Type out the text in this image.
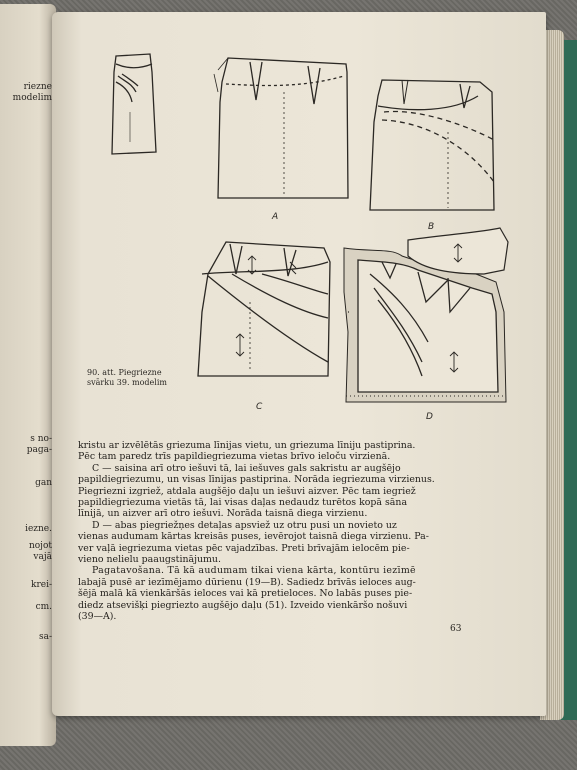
riezne
modelim
s no-
paga-
gan
iezne.
nojot
vajā
krei-
cm.
sa-
A
B
C
D
90. att. Piegriezne
svārku 39. modelim
kristu ar izvēlētās griezuma līnijas vietu, un griezuma līniju pastiprina.
Pēc tam paredz trīs papildiegriezuma vietas brīvo ieloču virzienā.
C — saisina arī otro iešuvi tā, lai iešuves gals sakristu ar augšējo
papildiegriezumu, un visas līnijas pastiprina. Norāda iegriezuma virzienus.
Piegriezni izgriež, atdala augšējo daļu un iešuvi aizver. Pēc tam iegriež
papildiegriezuma vietās tā, lai visas daļas nedaudz turētos kopā sāna
līnijā, un aizver arī otro iešuvi. Norāda taisnā diega virzienu.
D — abas piegriežņes detaļas apsviež uz otru pusi un novieto uz
vienas audumam kārtas kreisās puses, ievērojot taisnā diega virzienu. Pa-
ver vaļā iegriezuma vietas pēc vajadzības. Preti brīvajām ielocēm pie-
vieno nelielu paaugstinājumu.
Pagatavošana. Tā kā audumam tikai viena kārta, kontūru iezīmē
labajā pusē ar iezīmējamo dūrienu (19—B). Sadiedz brīvās ieloces aug-
šējā malā kā vienkāršās ieloces vai kā pretieloces. No labās puses pie-
diedz atsevišķi piegriezto augšējo daļu (51). Izveido vienkāršo nošuvi
(39—A).
63
